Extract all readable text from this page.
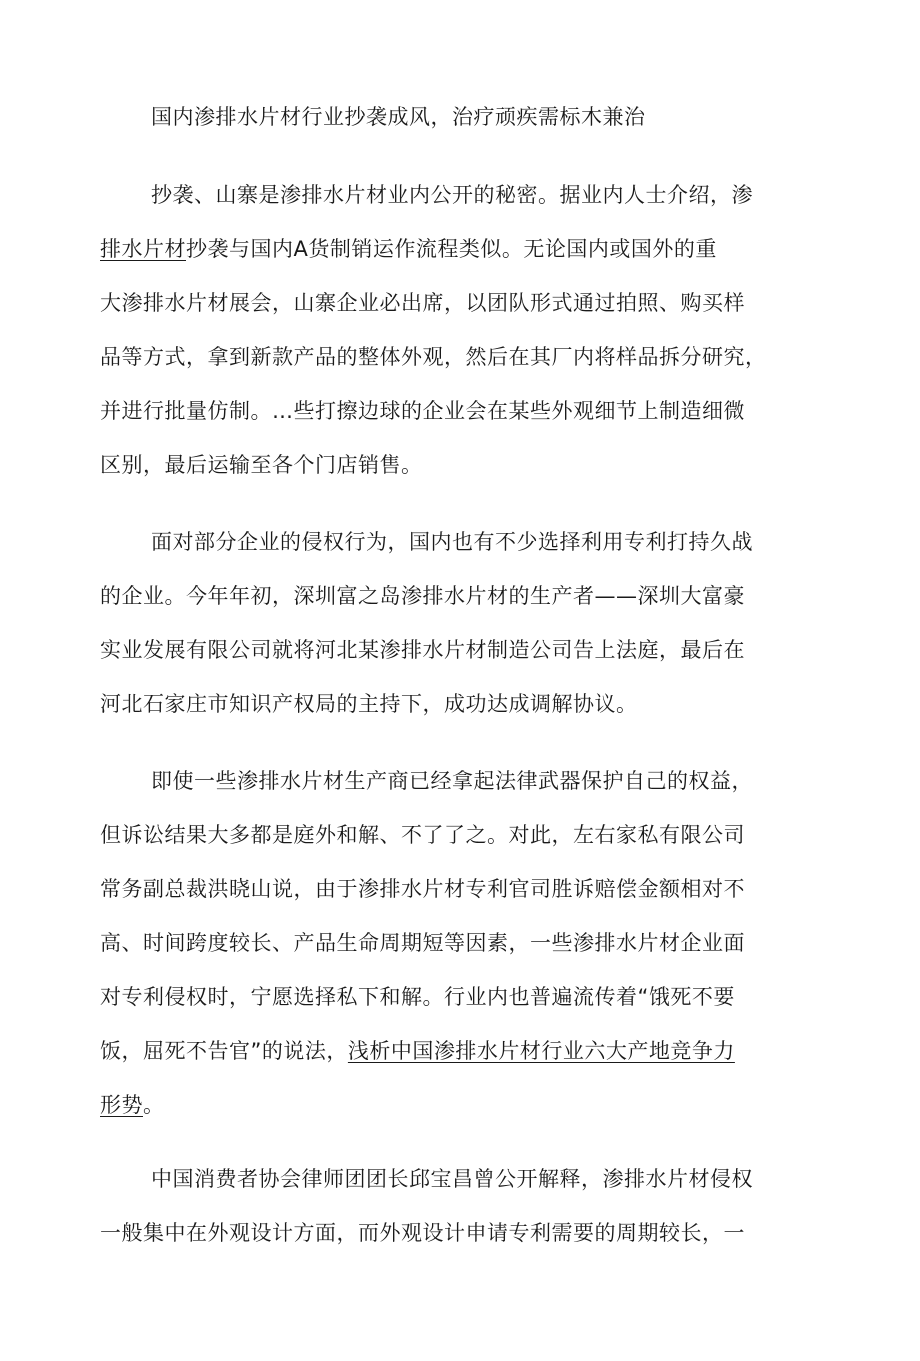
国内渗排水片材行业抄袭成风，治疗顽疾需标木兼治
抄袭、山寨是渗排水片材业内公开的秘密。据业内人士介绍，渗
排水片材抄袭与国内A货制销运作流程类似。无论国内或国外的重
大渗排水片材展会，山寨企业必出席，以团队形式通过拍照、购买样
品等方式，拿到新款产品的整体外观，然后在其厂内将样品拆分研究，
并进行批量仿制。…些打擦边球的企业会在某些外观细节上制造细微
区别，最后运输至各个门店销售。
面对部分企业的侵权行为，国内也有不少选择利用专利打持久战
的企业。今年年初，深圳富之岛渗排水片材的生产者——深圳大富豪
实业发展有限公司就将河北某渗排水片材制造公司告上法庭，最后在
河北石家庄市知识产权局的主持下，成功达成调解协议。
即使一些渗排水片材生产商已经拿起法律武器保护自己的权益，
但诉讼结果大多都是庭外和解、不了了之。对此，左右家私有限公司
常务副总裁洪晓山说，由于渗排水片材专利官司胜诉赔偿金额相对不
高、时间跨度较长、产品生命周期短等因素，一些渗排水片材企业面
对专利侵权时，宁愿选择私下和解。行业内也普遍流传着“饿死不要
饭，屈死不告官”的说法，浅析中国渗排水片材行业六大产地竞争力
形势。
中国消费者协会律师团团长邱宝昌曾公开解释，渗排水片材侵权
一般集中在外观设计方面，而外观设计申请专利需要的周期较长，一
